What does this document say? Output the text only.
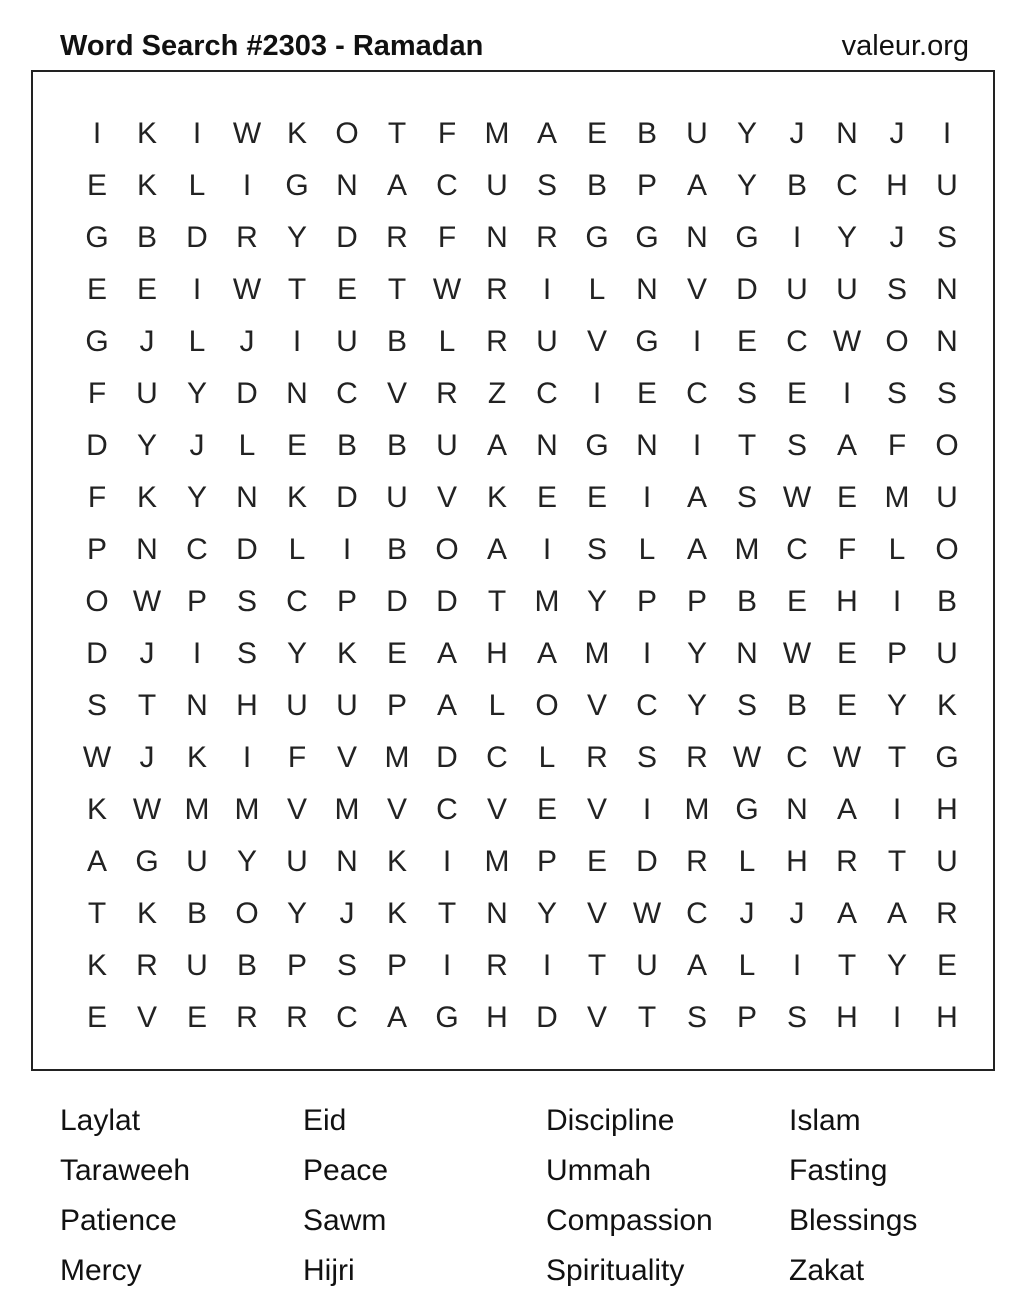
Word Search #2303 - Ramadan	valeur.org
I	K	I	W K O T	F M A E B U Y	J	N	J	I
E K	L	I	G N A C U S B P A Y B C H U
G B D R Y D R	F	N R G G N G	I	Y	J	S
E E	I	W T	E	T W R	I	L	N V D U U S N
G	J	L	J	I	U B	L	R U V G	I	E C W O N
F	U Y D N C V R	Z	C	I	E C S E	I	S S
D Y	J	L	E B B U A N G N	I	T	S A	F O
F	K Y N K D U V K E E	I	A S W E M U
P N C D	L	I	B O A	I	S	L	A M C	F	L O
O W P S C P D D	T M Y P P B E H	I	B
D	J	I	S Y K E A H A M	I	Y N W E P U
S	T	N H U U P A	L O V C Y S B E Y K
W J	K	I	F	V M D C	L	R S R W C W T G
K W M M V M V C V E V	I	M G N A	I	H
A G U Y U N K	I	M P E D R	L	H R	T	U
T	K B O Y	J	K	T	N Y V W C	J	J	A A R
K R U B P S P	I	R	I	T	U A	L	I	T	Y E
E V E R R C A G H D V	T	S P S H	I	H
Laylat	Eid	Discipline	Islam
Taraweeh	Peace	Ummah	Fasting
Patience	Sawm	Compassion	Blessings
Mercy	Hijri	Spirituality	Zakat
